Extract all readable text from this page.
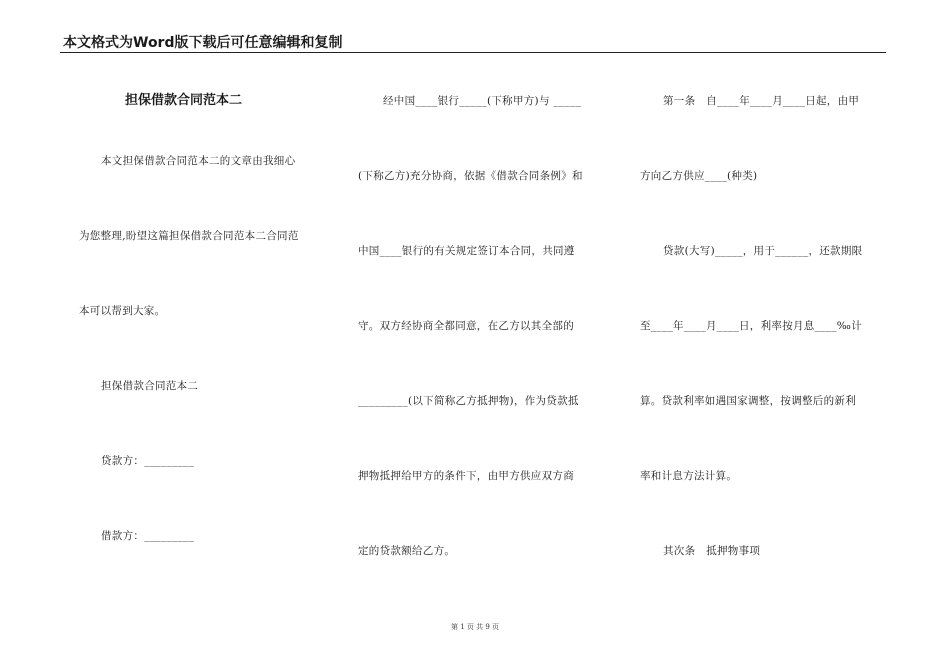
本文格式为Word版下载后可任意编辑和复制
担保借款合同范本二
本文担保借款合同范本二的文章由我细心
为您整理,盼望这篇担保借款合同范本二合同范
本可以帮到大家。
担保借款合同范本二
贷款方：_________
借款方：_________
经中国____银行_____(下称甲方)与 _____
(下称乙方)充分协商，依据《借款合同条例》和
中国____银行的有关规定签订本合同，共同遵
守。双方经协商全都同意，在乙方以其全部的
_________(以下简称乙方抵押物)，作为贷款抵
押物抵押给甲方的条件下，由甲方供应双方商
定的贷款额给乙方。
第一条　自____年____月____日起，由甲
方向乙方供应____(种类)
贷款(大写)_____，用于______，还款期限
至____年____月____日，利率按月息____‰计
算。贷款利率如遇国家调整，按调整后的新利
率和计息方法计算。
其次条　抵押物事项
第 1 页 共 9 页
